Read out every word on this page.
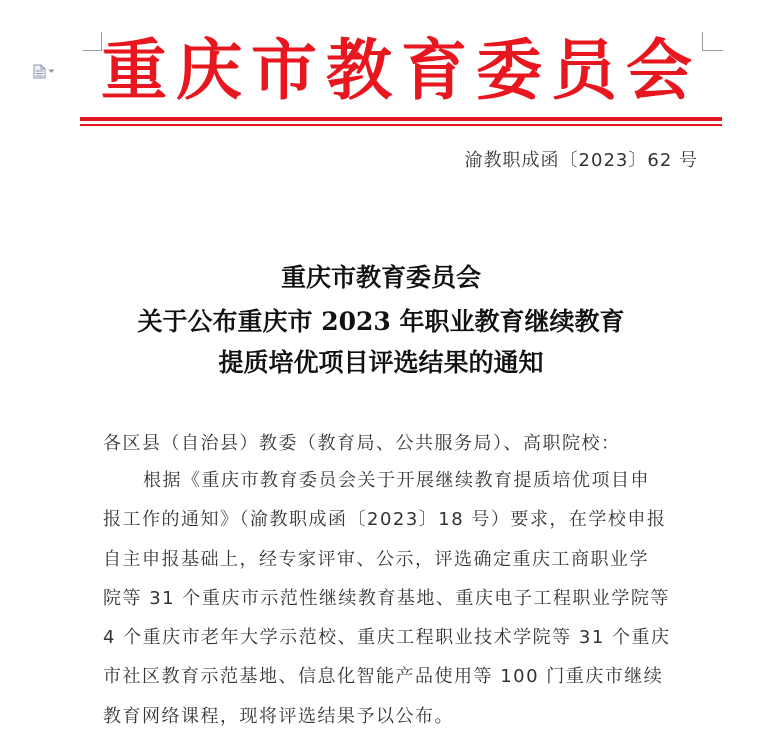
重庆市教育委员会
渝教职成函〔2023〕62 号
重庆市教育委员会
关于公布重庆市 2023 年职业教育继续教育
提质培优项目评选结果的通知
各区县（自治县）教委（教育局、公共服务局）、高职院校：
根据《重庆市教育委员会关于开展继续教育提质培优项目申
报工作的通知》（渝教职成函〔2023〕18 号）要求，在学校申报
自主申报基础上，经专家评审、公示，评选确定重庆工商职业学
院等 31 个重庆市示范性继续教育基地、重庆电子工程职业学院等
4 个重庆市老年大学示范校、重庆工程职业技术学院等 31 个重庆
市社区教育示范基地、信息化智能产品使用等 100 门重庆市继续
教育网络课程，现将评选结果予以公布。
